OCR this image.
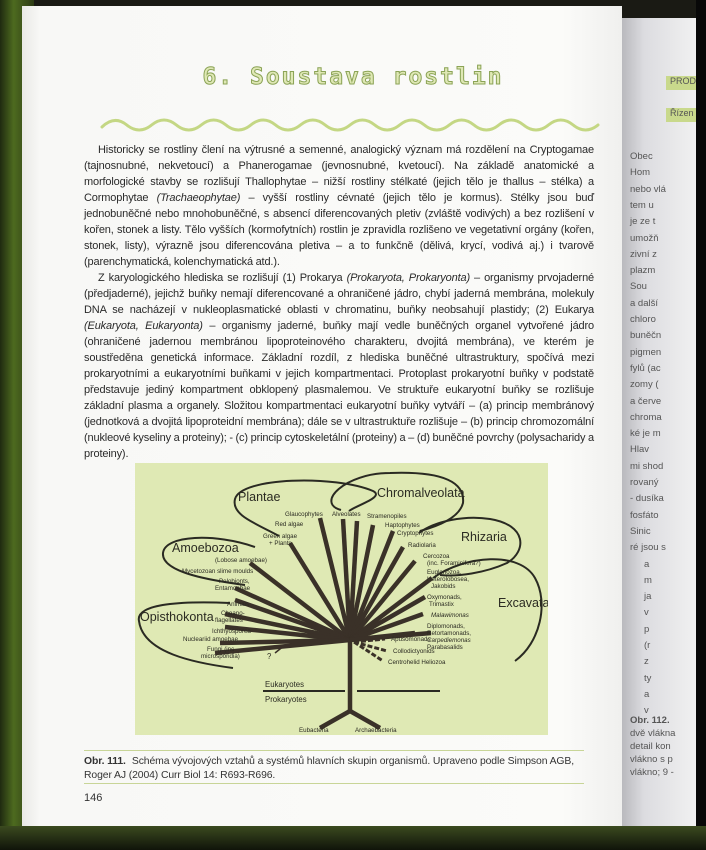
PROD
Řízen
Obec
Hom
nebo vlá
tem u
je ze t
umožň
zivní z
plazm
Sou
a další
chloro
buněčn
pigmen
fylů (ac
zomy (
a červe
chroma
ké je m
Hlav
mi shod
rovaný
- dusíka
fosfáto
Sinic
ré jsou s
a
m
ja
v
p
(r
z
ty
a
v
Obr. 112.
dvě vlákna
detail kon
vlákno s p
vlákno; 9 -
6. Soustava rostlin

Historicky se rostliny člení na výtrusné a semenné, analogický význam má rozdělení na Cryptogamae (tajnosnubné, nekvetoucí) a Phanerogamae (jevnosnubné, kvetoucí). Na základě anatomické a morfologické stavby se rozlišují Thallophytae – nižší rostliny stélkaté (jejich tělo je thallus – stélka) a Cormophytae (Trachaeophytae) – vyšší rostliny cévnaté (jejich tělo je kormus). Stélky jsou buď jednobuněčné nebo mnohobuněčné, s absencí diferencovaných pletiv (zvláště vodivých) a bez rozlišení v kořen, stonek a listy. Tělo vyšších (kormofytních) rostlin je zpravidla rozlišeno ve vegetativní orgány (kořen, stonek, listy), výrazně jsou diferencována pletiva – a to funkčně (dělivá, krycí, vodivá aj.) i tvarově (parenchymatická, kolenchymatická atd.).

Z karyologického hlediska se rozlišují (1) Prokarya (Prokaryota, Prokaryonta) – organismy prvojaderné (předjaderné), jejichž buňky nemají diferencované a ohraničené jádro, chybí jaderná membrána, molekuly DNA se nacházejí v nukleoplasmatické oblasti v chromatinu, buňky neobsahují plastidy; (2) Eukarya (Eukaryota, Eukaryonta) – organismy jaderné, buňky mají vedle buněčných organel vytvořené jádro (ohraničené jadernou membránou lipoproteinového charakteru, dvojitá membrána), ve kterém je soustředěna genetická informace. Základní rozdíl, z hlediska buněčné ultrastruktury, spočívá mezi prokaryotními a eukaryotními buňkami v jejich kompartmentaci. Protoplast prokaryotní buňky v podstatě představuje jediný kompartment obklopený plasmalemou. Ve struktuře eukaryotní buňky se rozlišuje základní plasma a organely. Složitou kompartmentaci eukaryotní buňky vytváří – (a) princip membránový (jednotková a dvojitá lipoproteidní membrána); dále se v ultrastruktuře rozlišuje – (b) princip chromozomální (nukleové kyseliny a proteiny); - (c) princip cytoskeletální (proteiny) a – (d) buněčné povrchy (polysacharidy a proteiny).

Plantae	Chromalveolata
Rhizaria
Amoebozoa
Opisthokonta
Excavata
Glaucophytes
Red algae
Green algae
+ Plants
Alveolates Stramenopiles
Haptophytes
Cryptophytes
Radiolaria
Cercozoa
(inc. Foraminifera?)
(Lobose amoebae)
Mycetozoan slime moulds
Pelobionts,
Entamoebae
Animals
Choano-
flagellates
Ichthyosporea
Nucleariid amoebae
Fungi (inc
microsporidia)
Euglenozoa,
Heterolobosea,
Jakobids
Oxymonads,
Trimastix
Malawimonas
Diplomonads,
Retortamonads,
Carpediemonas
Parabasalids
Apusomonads
Collodictyonids
Centrohelid Heliozoa
?
Eukaryotes
Prokaryotes
Eubacteria	Archaebacteria
Obr. 111. Schéma vývojových vztahů a systémů hlavních skupin organismů. Upraveno podle Simpson AGB, Roger AJ (2004) Curr Biol 14: R693-R696.
146
